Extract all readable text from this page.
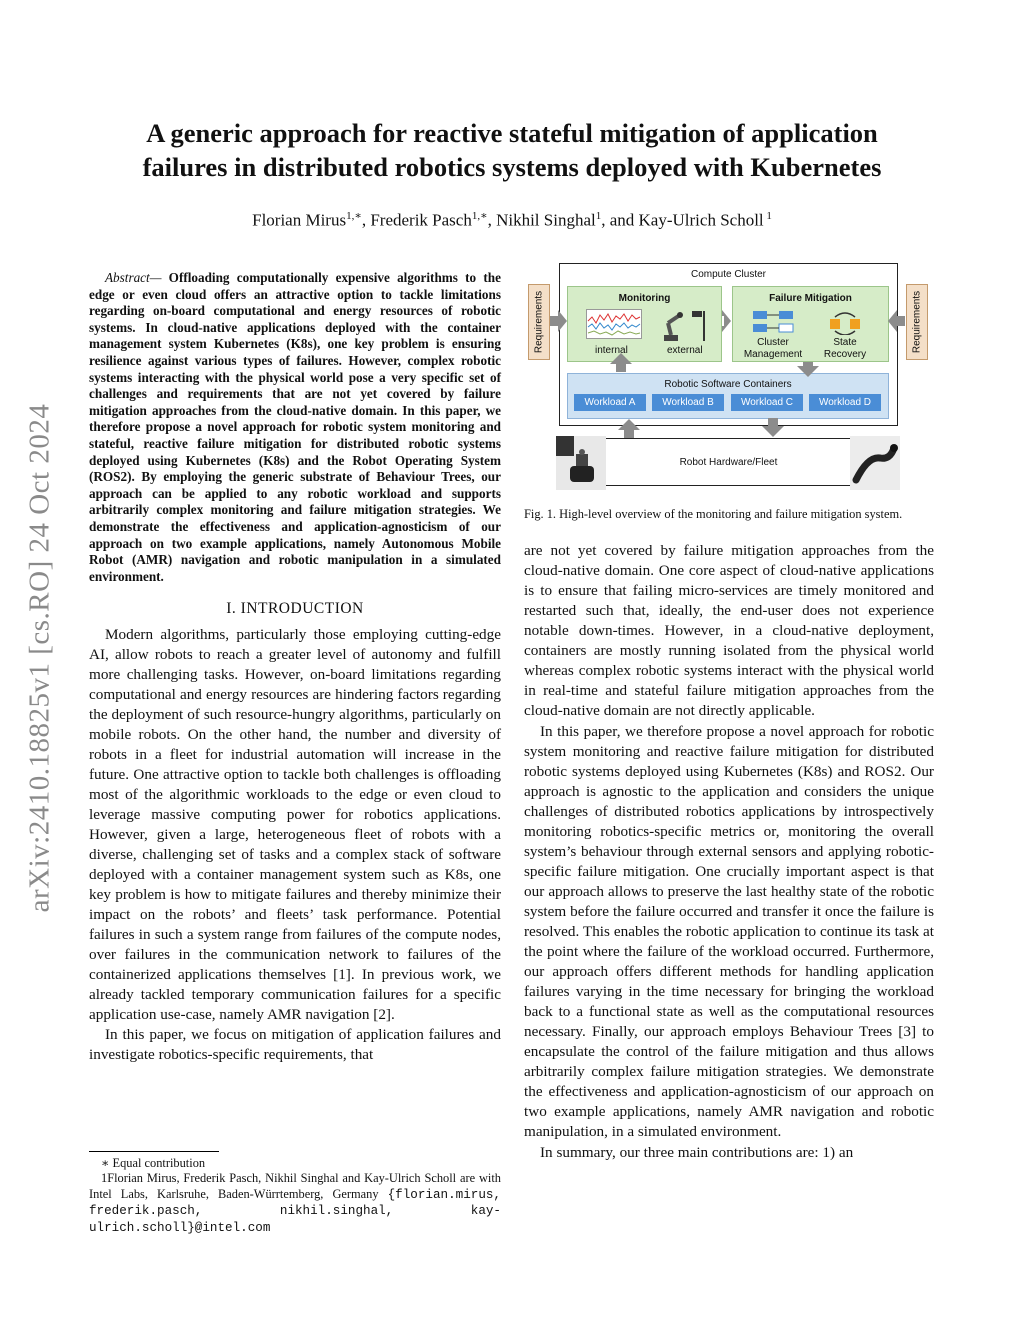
arXiv:2410.18825v1 [cs.RO] 24 Oct 2024
A generic approach for reactive stateful mitigation of application
failures in distributed robotics systems deployed with Kubernetes
Florian Mirus$^{1,∗}$, Frederik Pasch$^{1,∗}$, Nikhil Singhal$^1$, and Kay-Ulrich Scholl $^1$

Abstract— Offloading computationally expensive algorithms to the edge or even cloud offers an attractive option to tackle limitations regarding on-board computational and energy resources of robotic systems. In cloud-native applications deployed with the container management system Kubernetes (K8s), one key problem is ensuring resilience against various types of failures. However, complex robotic systems interacting with the physical world pose a very specific set of challenges and requirements that are not yet covered by failure mitigation approaches from the cloud-native domain. In this paper, we therefore propose a novel approach for robotic system monitoring and stateful, reactive failure mitigation for distributed robotic systems deployed using Kubernetes (K8s) and the Robot Operating System (ROS2). By employing the generic substrate of Behaviour Trees, our approach can be applied to any robotic workload and supports arbitrarily complex monitoring and failure mitigation strategies. We demonstrate the effectiveness and application-agnosticism of our approach on two example applications, namely Autonomous Mobile Robot (AMR) navigation and robotic manipulation in a simulated environment.

I. INTRODUCTION

Modern algorithms, particularly those employing cutting-edge AI, allow robots to reach a greater level of autonomy and fulfill more challenging tasks. However, on-board limitations regarding computational and energy resources are hindering factors regarding the deployment of such resource-hungry algorithms, particularly on mobile robots. On the other hand, the number and diversity of robots in a fleet for industrial automation will increase in the future. One attractive option to tackle both challenges is offloading most of the algorithmic workloads to the edge or even cloud to leverage massive computing power for robotics applications. However, given a large, heterogeneous fleet of robots with a diverse, challenging set of tasks and a complex stack of software deployed with a container management system such as K8s, one key problem is how to mitigate failures and thereby minimize their impact on the robots’ and fleets’ task performance. Potential failures in such a system range from failures of the compute nodes, over failures in the communication network to failures of the containerized applications themselves [1]. In previous work, we already tackled temporary communication failures for a specific application use-case, namely AMR navigation [2].

In this paper, we focus on mitigation of application failures and investigate robotics-specific requirements, that

∗ Equal contribution

1Florian Mirus, Frederik Pasch, Nikhil Singhal and Kay-Ulrich Scholl are with Intel Labs, Karlsruhe, Baden-Würrtemberg, Germany {florian.mirus, frederik.pasch, nikhil.singhal, kay-ulrich.scholl}@intel.com

Compute Cluster
Requirements	Requirements
Monitoring
internal	external
Failure Mitigation
Cluster
Management
State
Recovery
Robotic Software Containers
Workload A	Workload B	Workload C	Workload D
Robot Hardware/Fleet
Fig. 1. High-level overview of the monitoring and failure mitigation system.

are not yet covered by failure mitigation approaches from the cloud-native domain. One core aspect of cloud-native applications is to ensure that failing micro-services are timely monitored and restarted such that, ideally, the end-user does not experience notable down-times. However, in a cloud-native deployment, containers are mostly running isolated from the physical world whereas complex robotic systems interact with the physical world in real-time and stateful failure mitigation approaches from the cloud-native domain are not directly applicable.

In this paper, we therefore propose a novel approach for robotic system monitoring and reactive failure mitigation for distributed robotic systems deployed using Kubernetes (K8s) and ROS2. Our approach is agnostic to the application and considers the unique challenges of distributed robotics applications by introspectively monitoring robotics-specific metrics or, monitoring the overall system’s behaviour through external sensors and applying robotic-specific failure mitigation. One crucially important aspect is that our approach allows to preserve the last healthy state of the robotic system before the failure occurred and transfer it once the failure is resolved. This enables the robotic application to continue its task at the point where the failure of the workload occurred. Furthermore, our approach offers different methods for handling application failures varying in the time necessary for bringing the workload back to a functional state as well as the computational resources necessary. Finally, our approach employs Behaviour Trees [3] to encapsulate the control of the failure mitigation and thus allows arbitrarily complex failure mitigation strategies. We demonstrate the effectiveness and application-agnosticism of our approach on two example applications, namely AMR navigation and robotic manipulation, in a simulated environment.

In summary, our three main contributions are: 1) an
